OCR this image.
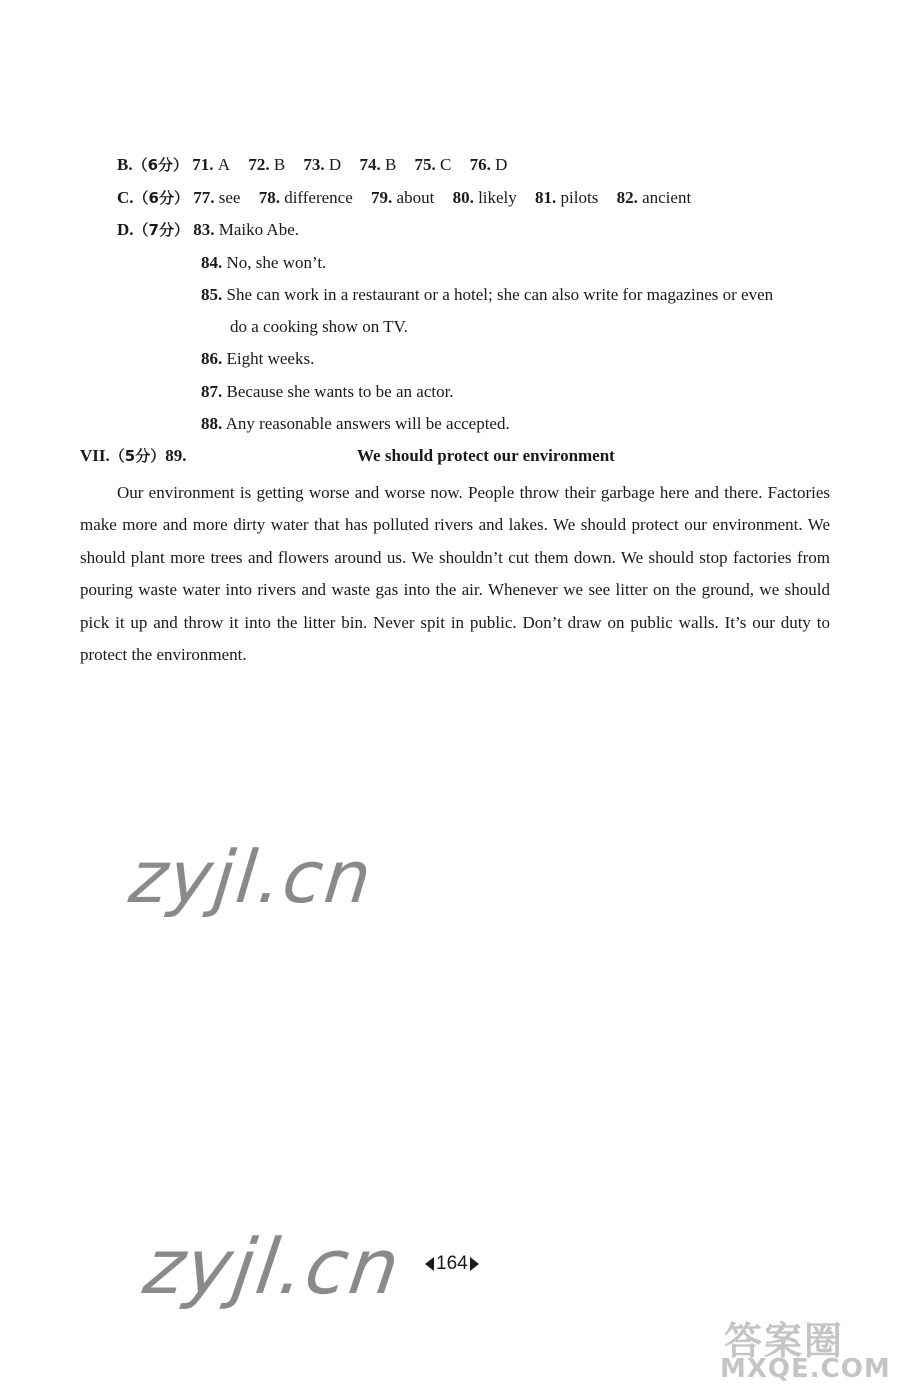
B.（6分） 71. A 72. B 73. D 74. B 75. C 76. D
C.（6分） 77. see 78. difference 79. about 80. likely 81. pilots 82. ancient
D.（7分） 83. Maiko Abe.
84. No, she won’t.
85. She can work in a restaurant or a hotel; she can also write for magazines or even
do a cooking show on TV.
86. Eight weeks.
87. Because she wants to be an actor.
88. Any reasonable answers will be accepted.
VII.（5分）89.	We should protect our environment

Our environment is getting worse and worse now. People throw their garbage here and there. Factories make more and more dirty water that has polluted rivers and lakes. We should protect our environment. We should plant more trees and flowers around us. We shouldn’t cut them down. We should stop factories from pouring waste water into rivers and waste gas into the air. Whenever we see litter on the ground, we should pick it up and throw it into the litter bin. Never spit in public. Don’t draw on public walls. It’s our duty to protect the environment.

zyjl.cn
zyjl.cn 164
答案圈
MXQE.COM
